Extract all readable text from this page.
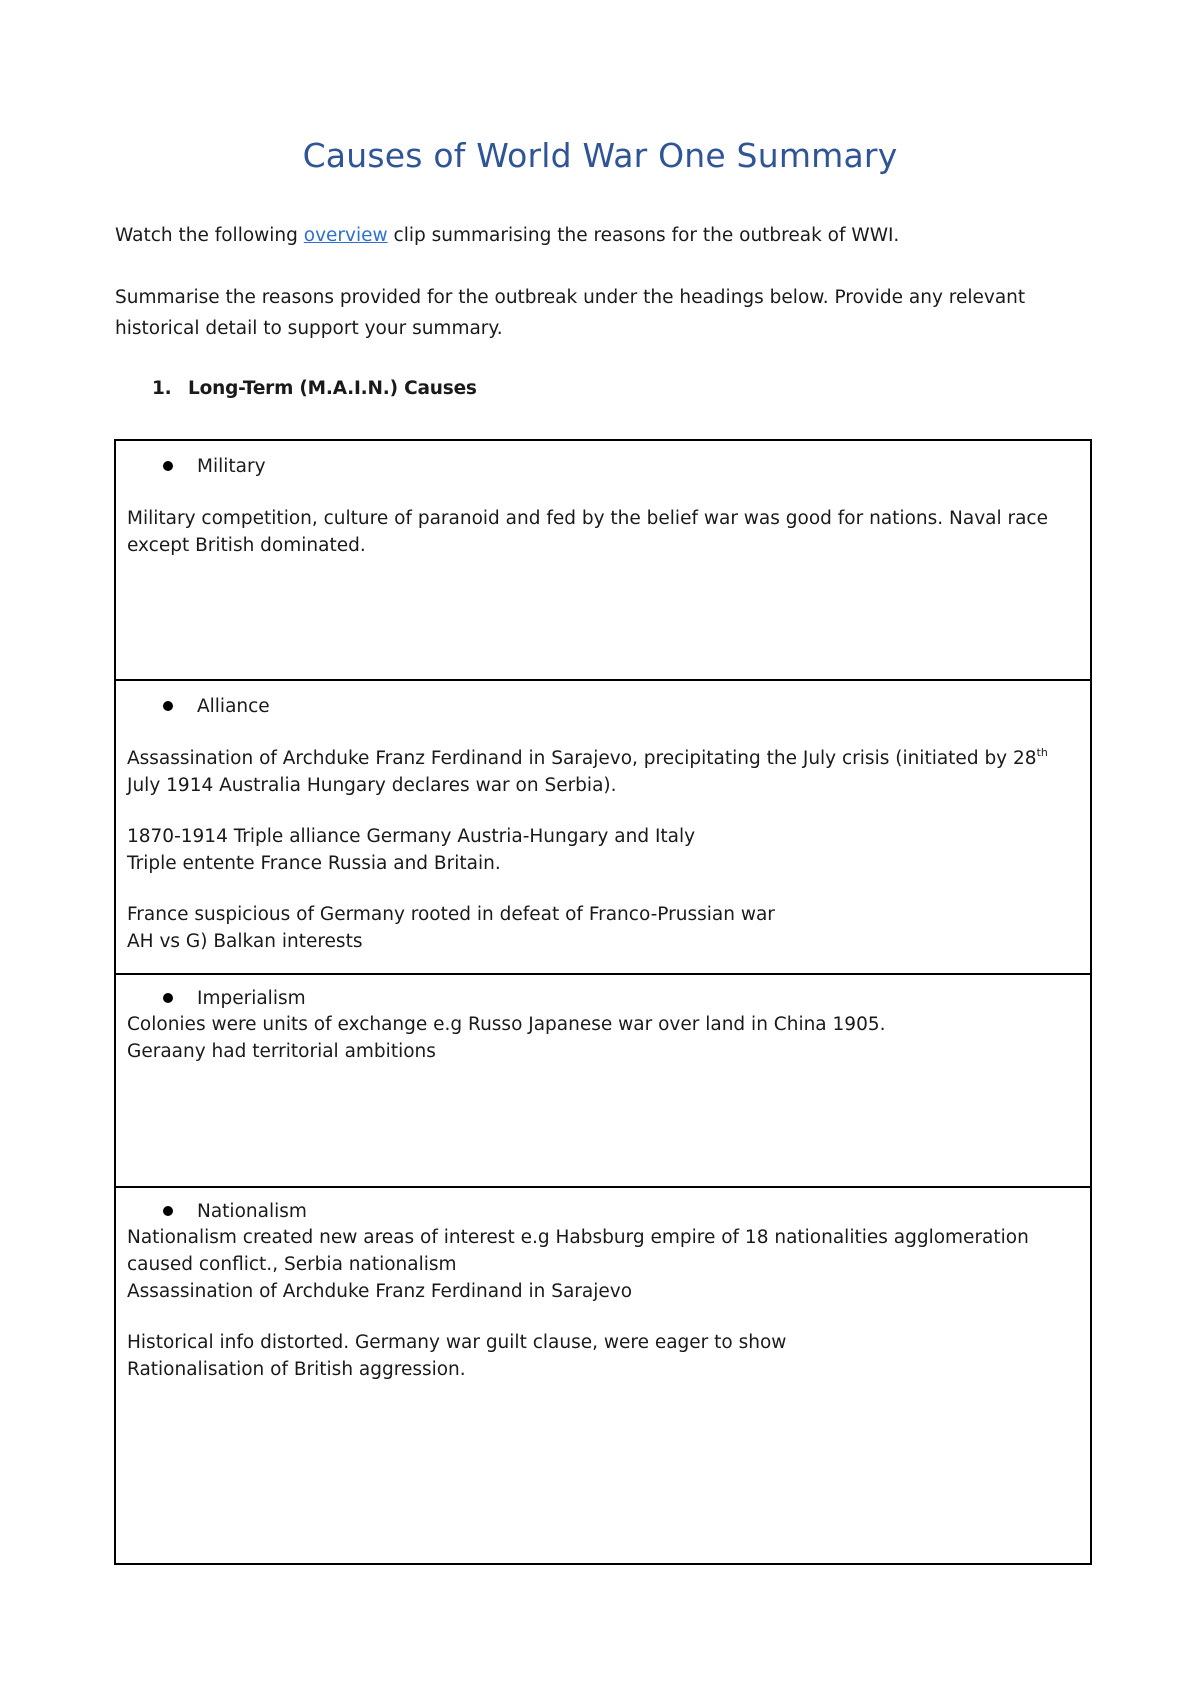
Causes of World War One Summary

Watch the following overview clip summarising the reasons for the outbreak of WWI.

Summarise the reasons provided for the outbreak under the headings below. Provide any relevant historical detail to support your summary.

1. Long-Term (M.A.I.N.) Causes
Military
Military competition, culture of paranoid and fed by the belief war was good for nations. Naval race except British dominated.
Alliance
Assassination of Archduke Franz Ferdinand in Sarajevo, precipitating the July crisis (initiated by 28th July 1914 Australia Hungary declares war on Serbia).
1870-1914 Triple alliance Germany Austria-Hungary and Italy
Triple entente France Russia and Britain.
France suspicious of Germany rooted in defeat of Franco-Prussian war
AH vs G) Balkan interests
Imperialism
Colonies were units of exchange e.g Russo Japanese war over land in China 1905.
Geraany had territorial ambitions
Nationalism
Nationalism created new areas of interest e.g Habsburg empire of 18 nationalities agglomeration caused conflict., Serbia nationalism
Assassination of Archduke Franz Ferdinand in Sarajevo
Historical info distorted. Germany war guilt clause, were eager to show
Rationalisation of British aggression.
